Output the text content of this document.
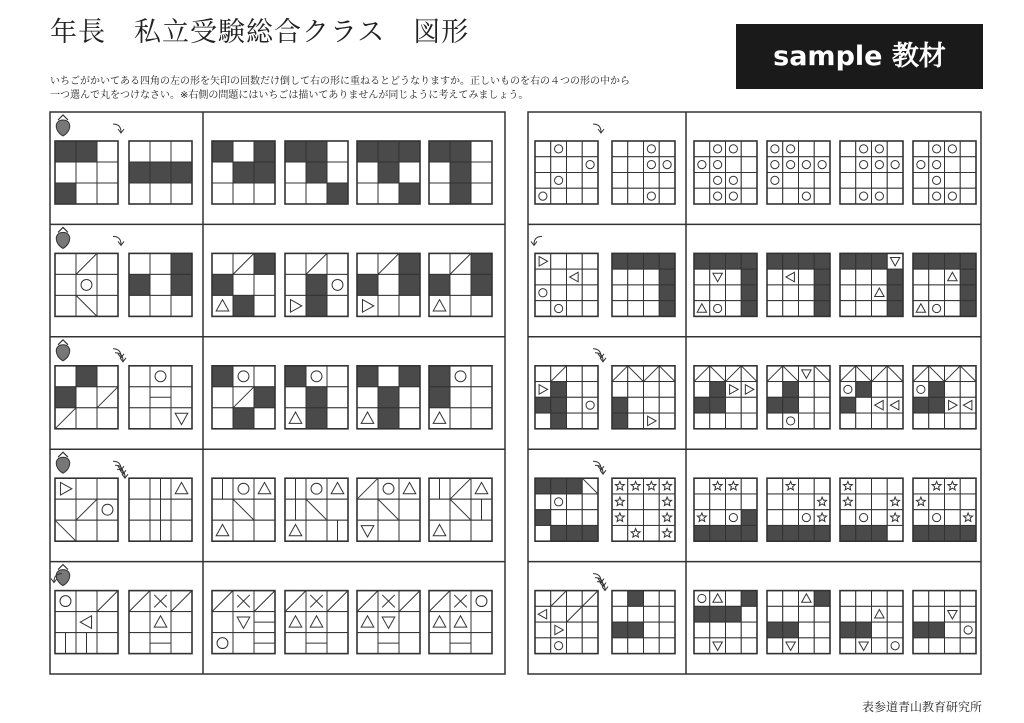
年長　私立受験総合クラス　図形
sample 教材
いちごがかいてある四角の左の形を矢印の回数だけ倒して右の形に重ねるとどうなりますか。正しいものを右の４つの形の中から
一つ選んで丸をつけなさい。※右側の問題にはいちごは描いてありませんが同じように考えてみましょう。
表参道青山教育研究所
